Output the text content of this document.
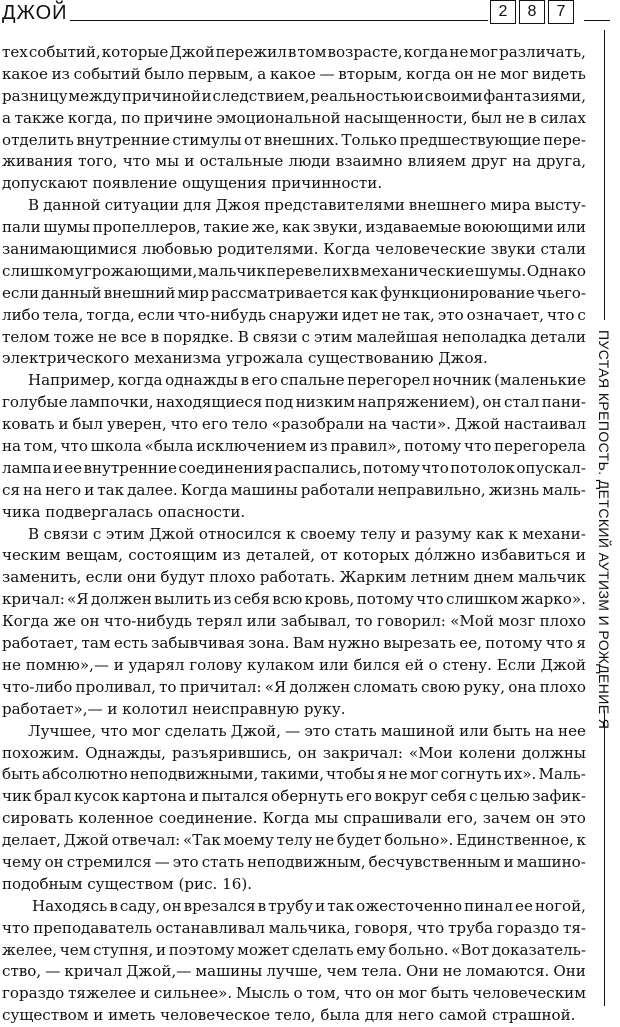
ДЖОЙ	2	8	7
тех событий, которые Джой пережил в том возрасте, когда не мог различать,
какое из событий было первым, а какое — вторым, когда он не мог видеть
разницу между причиной и следствием, реальностью и своими фантазиями,
а также когда, по причине эмоциональной насыщенности, был не в силах
отделить внутренние стимулы от внешних. Только предшествующие пере-
живания того, что мы и остальные люди взаимно влияем друг на друга,
допускают появление ощущения причинности.
В данной ситуации для Джоя представителями внешнего мира высту-
пали шумы пропеллеров, такие же, как звуки, издаваемые воюющими или
занимающимися любовью родителями. Когда человеческие звуки стали
слишком угрожающими, мальчик перевел их в механические шумы. Однако
если данный внешний мир рассматривается как функционирование чьего-
либо тела, тогда, если что-нибудь снаружи идет не так, это означает, что с
телом тоже не все в порядке. В связи с этим малейшая неполадка детали
электрического механизма угрожала существованию Джоя.
Например, когда однажды в его спальне перегорел ночник (маленькие
голубые лампочки, находящиеся под низким напряжением), он стал пани-
ковать и был уверен, что его тело «разобрали на части». Джой настаивал
на том, что школа «была исключением из правил», потому что перегорела
лампа и ее внутренние соединения распались, потому что потолок опускал-
ся на него и так далее. Когда машины работали неправильно, жизнь маль-
чика подвергалась опасности.
В связи с этим Джой относился к своему телу и разуму как к механи-
ческим вещам, состоящим из деталей, от которых до́лжно избавиться и
заменить, если они будут плохо работать. Жарким летним днем мальчик
кричал: «Я должен вылить из себя всю кровь, потому что слишком жарко».
Когда же он что-нибудь терял или забывал, то говорил: «Мой мозг плохо
работает, там есть забывчивая зона. Вам нужно вырезать ее, потому что я
не помню»,— и ударял голову кулаком или бился ей о стену. Если Джой
что-либо проливал, то причитал: «Я должен сломать свою руку, она плохо
работает»,— и колотил неисправную руку.
Лучшее, что мог сделать Джой, — это стать машиной или быть на нее
похожим. Однажды, разъярившись, он закричал: «Мои колени должны
быть абсолютно неподвижными, такими, чтобы я не мог согнуть их». Маль-
чик брал кусок картона и пытался обернуть его вокруг себя с целью зафик-
сировать коленное соединение. Когда мы спрашивали его, зачем он это
делает, Джой отвечал: «Так моему телу не будет больно». Единственное, к
чему он стремился — это стать неподвижным, бесчувственным и машино-
подобным существом (рис. 16).
Находясь в саду, он врезался в трубу и так ожесточенно пинал ее ногой,
что преподаватель останавливал мальчика, говоря, что труба гораздо тя-
желее, чем ступня, и поэтому может сделать ему больно. «Вот доказатель-
ство, — кричал Джой,— машины лучше, чем тела. Они не ломаются. Они
гораздо тяжелее и сильнее». Мысль о том, что он мог быть человеческим
существом и иметь человеческое тело, была для него самой страшной.
ПУСТАЯ КРЕПОСТЬ. ДЕТСКИЙ АУТИЗМ И РОЖДЕНИЕ Я
